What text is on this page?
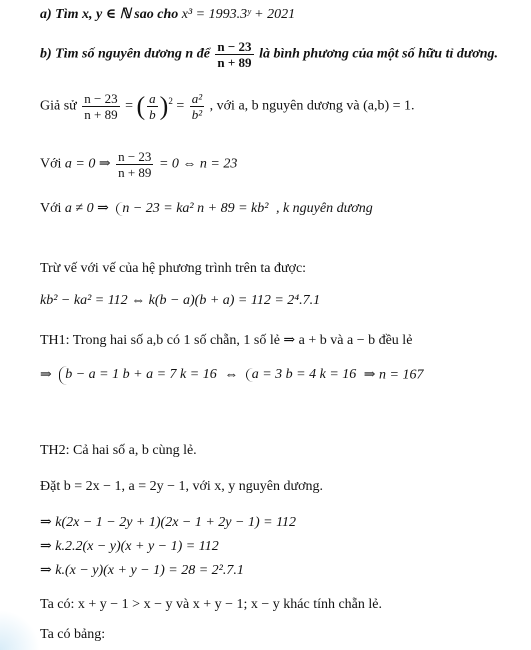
a) Tìm x, y ∈ ℕ sao cho x³ = 1993.3ʸ + 2021
b) Tìm số nguyên dương n để $\frac{n - 23}{n + 89}$ là bình phương của một số hữu tỉ dương.
Giả sử $\frac{n - 23}{n + 89}$ = ( $\frac{a}{b} )^2 = \frac{\text{a²}}{\text{b²}}$ , với a, b nguyên dương và (a,b) = 1.
Với a = 0 ⇒ $\frac{n - 23}{n + 89} = 0$ ⇔ n = 23
Với a ≠ 0 ⇒ n − 23 = ka² n + 89 = kb² , k nguyên dương
Trừ vế với vế của hệ phương trình trên ta được:
kb² − ka² = 112 ⇔ k(b − a)(b + a) = 112 = 2⁴.7.1
TH1: Trong hai số a,b có 1 số chẵn, 1 số lẻ ⇒ a + b và a − b đều lẻ
⇒ b − a = 1 b + a = 7 k = 16 ⇔ a = 3 b = 4 k = 16 ⇒ n = 167
TH2: Cả hai số a, b cùng lẻ.
Đặt b = 2x − 1, a = 2y − 1, với x, y nguyên dương.
⇒ k(2x − 1 − 2y + 1)(2x − 1 + 2y − 1) = 112
⇒ k.2.2(x − y)(x + y − 1) = 112
⇒ k.(x − y)(x + y − 1) = 28 = 2².7.1
Ta có: x + y − 1 > x − y và x + y − 1; x − y khác tính chẵn lẻ.
Ta có bảng:
